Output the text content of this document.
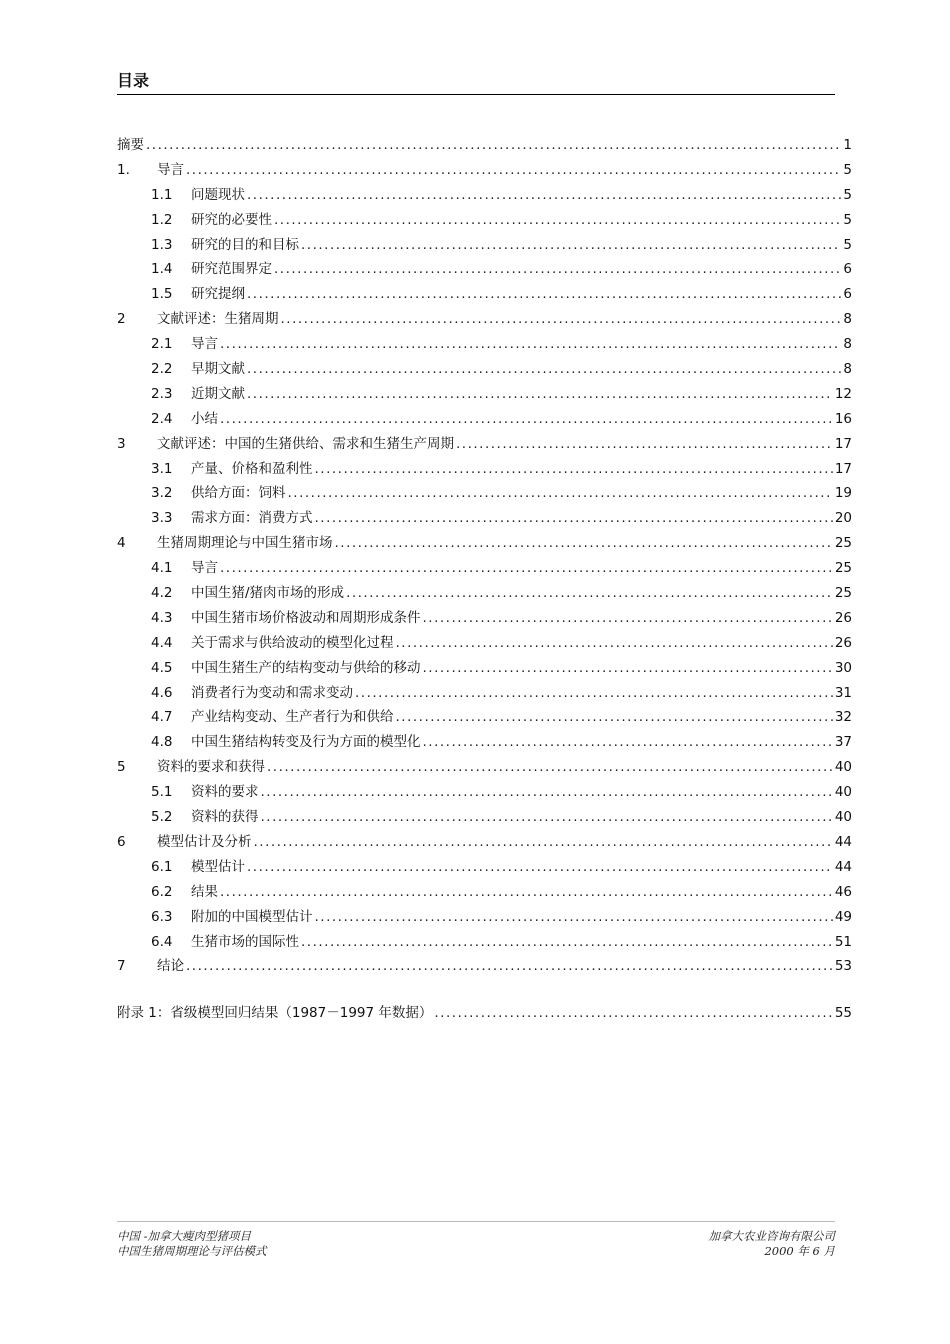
目录
摘要 .....	1
1.	导言 .....	5
1.1	问题现状 .....	5
1.2	研究的必要性 .....	5
1.3	研究的目的和目标 .....	5
1.4	研究范围界定 .....	6
1.5	研究提纲 .....	6
2	文献评述：生猪周期 .....	8
2.1	导言 .....	8
2.2	早期文献 .....	8
2.3	近期文献 .....	12
2.4	小结 .....	16
3	文献评述：中国的生猪供给、需求和生猪生产周期 .....	17
3.1	产量、价格和盈利性 .....	17
3.2	供给方面：饲料 .....	19
3.3	需求方面：消费方式 .....	20
4	生猪周期理论与中国生猪市场 .....	25
4.1	导言 .....	25
4.2	中国生猪/猪肉市场的形成 .....	25
4.3	中国生猪市场价格波动和周期形成条件 .....	26
4.4	关于需求与供给波动的模型化过程 .....	26
4.5	中国生猪生产的结构变动与供给的移动 .....	30
4.6	消费者行为变动和需求变动 .....	31
4.7	产业结构变动、生产者行为和供给 .....	32
4.8	中国生猪结构转变及行为方面的模型化 .....	37
5	资料的要求和获得 .....	40
5.1	资料的要求 .....	40
5.2	资料的获得 .....	40
6	模型估计及分析 .....	44
6.1	模型估计 .....	44
6.2	结果 .....	46
6.3	附加的中国模型估计 .....	49
6.4	生猪市场的国际性 .....	51
7	结论 .....	53
附录 1：省级模型回归结果（1987－1997 年数据） .....	55
中国 -加拿大瘦肉型猪项目
中国生猪周期理论与评估模式
加拿大农业咨询有限公司
2000 年 6 月
